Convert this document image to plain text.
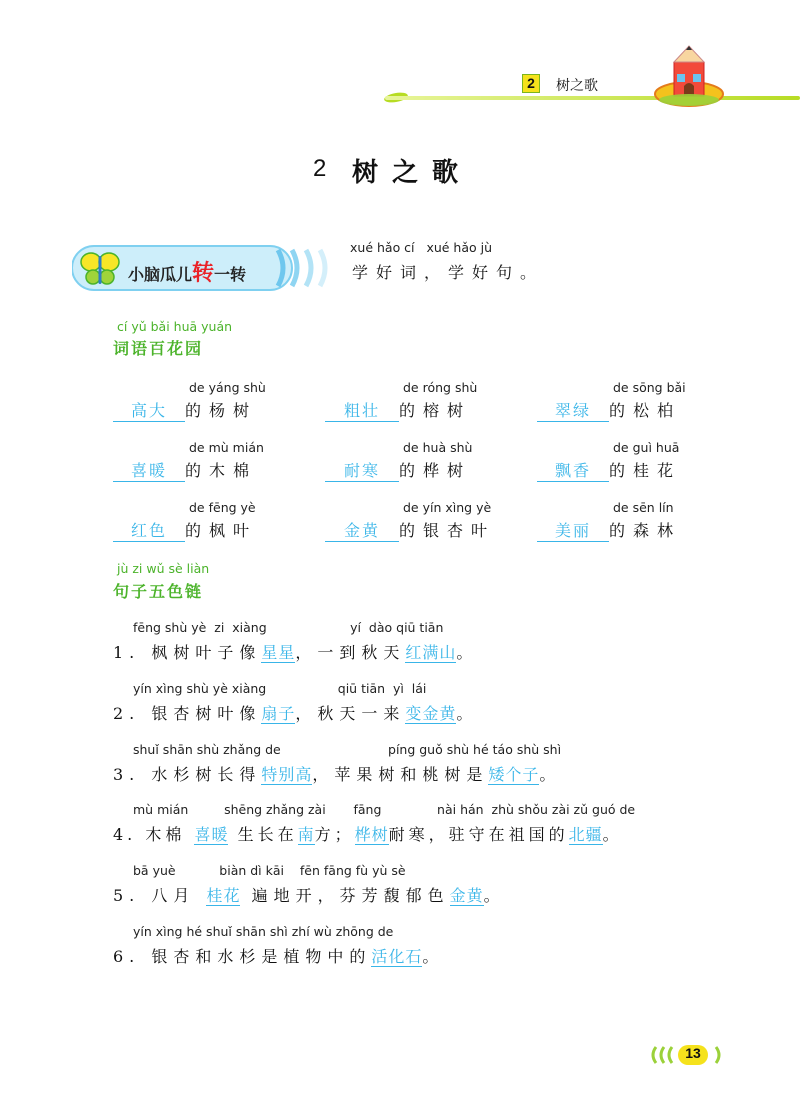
2	树之歌
2 树之歌
小脑瓜儿转一转
xué hǎo cí   xué hǎo jù
学好词，学好句。
cí yǔ bǎi huā yuán
词语百花园
de yáng shù
高大 的杨树
de róng shù
粗壮 的榕树
de sōng bǎi
翠绿 的松柏
de mù mián
喜暖 的木棉
de huà shù
耐寒 的桦树
de guì huā
飘香 的桂花
de fēng yè
红色 的枫叶
de yín xìng yè
金黄 的银杏叶
de sēn lín
美丽 的森林
jù zi wǔ sè liàn
句子五色链
fēng shù yè  zi  xiàng                     yí  dào qiū tiān
1. 枫树叶子像星星，一到秋天红满山。
yín xìng shù yè xiàng                  qiū tiān  yì  lái
2. 银杏树叶像扇子，秋天一来变金黄。
shuǐ shān shù zhǎng de                           píng guǒ shù hé táo shù shì
3. 水杉树长得特别高，苹果树和桃树是矮个子。
mù mián         shēng zhǎng zài       fāng              nài hán  zhù shǒu zài zǔ guó de
4. 木棉 喜暖 生长在南方；桦树耐寒，驻守在祖国的北疆。
bā yuè           biàn dì kāi    fēn fāng fù yù sè
5. 八月 桂花 遍地开，芬芳馥郁色金黄。
yín xìng hé shuǐ shān shì zhí wù zhōng de
6. 银杏和水杉是植物中的活化石。
13
